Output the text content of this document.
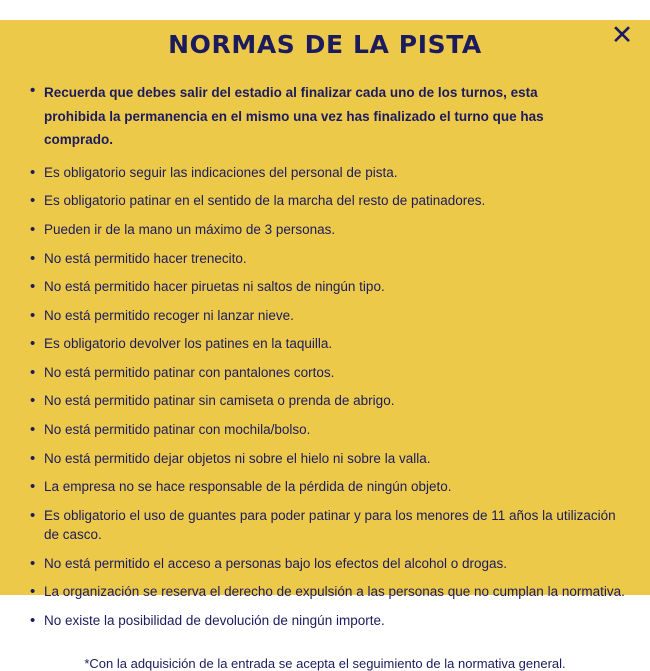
✕
NORMAS DE LA PISTA
• Recuerda que debes salir del estadio al finalizar cada uno de los turnos, esta prohibida la permanencia en el mismo una vez has finalizado el turno que has comprado.
• Es obligatorio seguir las indicaciones del personal de pista.
• Es obligatorio patinar en el sentido de la marcha del resto de patinadores.
• Pueden ir de la mano un máximo de 3 personas.
• No está permitido hacer trenecito.
• No está permitido hacer piruetas ni saltos de ningún tipo.
• No está permitido recoger ni lanzar nieve.
• Es obligatorio devolver los patines en la taquilla.
• No está permitido patinar con pantalones cortos.
• No está permitido patinar sin camiseta o prenda de abrigo.
• No está permitido patinar con mochila/bolso.
• No está permitido dejar objetos ni sobre el hielo ni sobre la valla.
• La empresa no se hace responsable de la pérdida de ningún objeto.
• Es obligatorio el uso de guantes para poder patinar y para los menores de 11 años la utilización de casco.
• No está permitido el acceso a personas bajo los efectos del alcohol o drogas.
• La organización se reserva el derecho de expulsión a las personas que no cumplan la normativa.
• No existe la posibilidad de devolución de ningún importe.
*Con la adquisición de la entrada se acepta el seguimiento de la normativa general.
